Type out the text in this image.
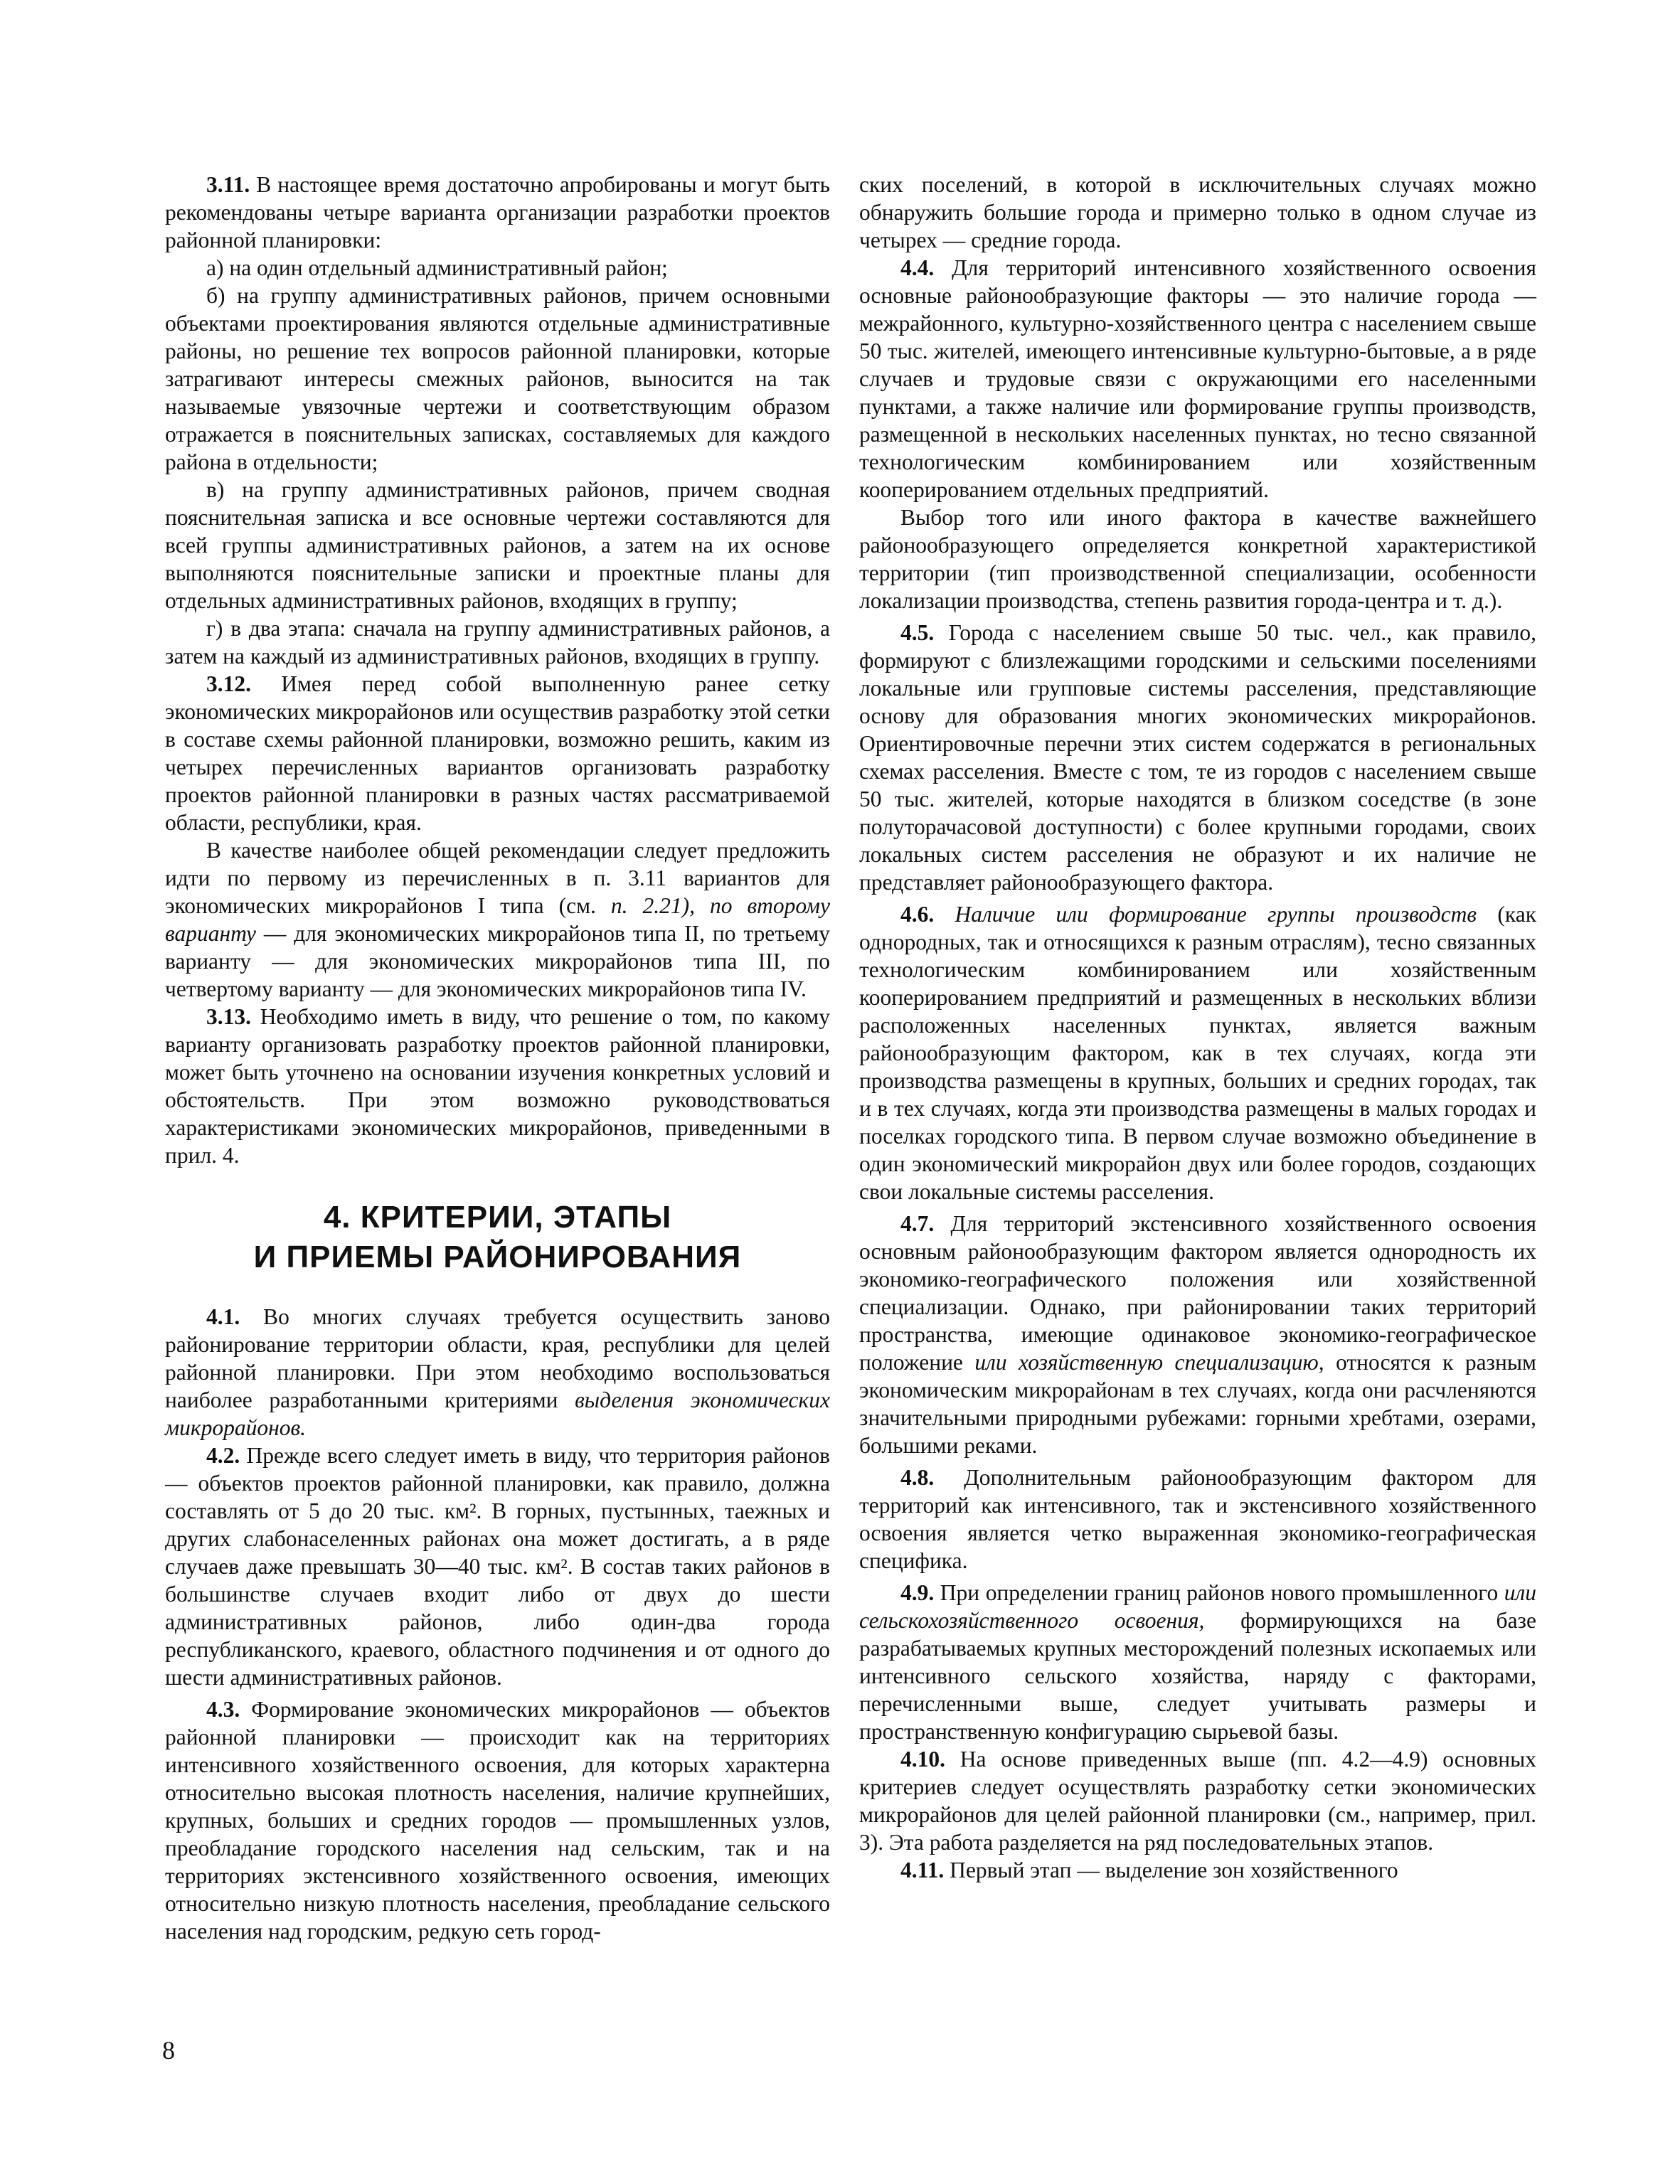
3.11. В настоящее время достаточно апробированы и могут быть рекомендованы четыре варианта организации разработки проектов районной планировки:

а) на один отдельный административный район;

б) на группу административных районов, причем основными объектами проектирования являются отдельные административные районы, но решение тех вопросов районной планировки, которые затрагивают интересы смежных районов, выносится на так называемые увязочные чертежи и соответствующим образом отражается в пояснительных записках, составляемых для каждого района в отдельности;

в) на группу административных районов, причем сводная пояснительная записка и все основные чертежи составляются для всей группы административных районов, а затем на их основе выполняются пояснительные записки и проектные планы для отдельных административных районов, входящих в группу;

г) в два этапа: сначала на группу административных районов, а затем на каждый из административных районов, входящих в группу.

3.12. Имея перед собой выполненную ранее сетку экономических микрорайонов или осуществив разработку этой сетки в составе схемы районной планировки, возможно решить, каким из четырех перечисленных вариантов организовать разработку проектов районной планировки в разных частях рассматриваемой области, республики, края.

В качестве наиболее общей рекомендации следует предложить идти по первому из перечисленных в п. 3.11 вариантов для экономических микрорайонов I типа (см. п. 2.21), по второму варианту — для экономических микрорайонов типа II, по третьему варианту — для экономических микрорайонов типа III, по четвертому варианту — для экономических микрорайонов типа IV.

3.13. Необходимо иметь в виду, что решение о том, по какому варианту организовать разработку проектов районной планировки, может быть уточнено на основании изучения конкретных условий и обстоятельств. При этом возможно руководствоваться характеристиками экономических микрорайонов, приведенными в прил. 4.

4. КРИТЕРИИ, ЭТАПЫ
И ПРИЕМЫ РАЙОНИРОВАНИЯ

4.1. Во многих случаях требуется осуществить заново районирование территории области, края, республики для целей районной планировки. При этом необходимо воспользоваться наиболее разработанными критериями выделения экономических микрорайонов.

4.2. Прежде всего следует иметь в виду, что территория районов — объектов проектов районной планировки, как правило, должна составлять от 5 до 20 тыс. км². В горных, пустынных, таежных и других слабонаселенных районах она может достигать, а в ряде случаев даже превышать 30—40 тыс. км². В состав таких районов в большинстве случаев входит либо от двух до шести административных районов, либо один-два города республиканского, краевого, областного подчинения и от одного до шести административных районов.

4.3. Формирование экономических микрорайонов — объектов районной планировки — происходит как на территориях интенсивного хозяйственного освоения, для которых характерна относительно высокая плотность населения, наличие крупнейших, крупных, больших и средних городов — промышленных узлов, преобладание городского населения над сельским, так и на территориях экстенсивного хозяйственного освоения, имеющих относительно низкую плотность населения, преобладание сельского населения над городским, редкую сеть город-

ских поселений, в которой в исключительных случаях можно обнаружить большие города и примерно только в одном случае из четырех — средние города.

4.4. Для территорий интенсивного хозяйственного освоения основные районообразующие факторы — это наличие города — межрайонного, культурно-хозяйственного центра с населением свыше 50 тыс. жителей, имеющего интенсивные культурно-бытовые, а в ряде случаев и трудовые связи с окружающими его населенными пунктами, а также наличие или формирование группы производств, размещенной в нескольких населенных пунктах, но тесно связанной технологическим комбинированием или хозяйственным кооперированием отдельных предприятий.

Выбор того или иного фактора в качестве важнейшего районообразующего определяется конкретной характеристикой территории (тип производственной специализации, особенности локализации производства, степень развития города-центра и т. д.).

4.5. Города с населением свыше 50 тыс. чел., как правило, формируют с близлежащими городскими и сельскими поселениями локальные или групповые системы расселения, представляющие основу для образования многих экономических микрорайонов. Ориентировочные перечни этих систем содержатся в региональных схемах расселения. Вместе с том, те из городов с населением свыше 50 тыс. жителей, которые находятся в близком соседстве (в зоне полуторачасовой доступности) с более крупными городами, своих локальных систем расселения не образуют и их наличие не представляет районообразующего фактора.

4.6. Наличие или формирование группы производств (как однородных, так и относящихся к разным отраслям), тесно связанных технологическим комбинированием или хозяйственным кооперированием предприятий и размещенных в нескольких вблизи расположенных населенных пунктах, является важным районообразующим фактором, как в тех случаях, когда эти производства размещены в крупных, больших и средних городах, так и в тех случаях, когда эти производства размещены в малых городах и поселках городского типа. В первом случае возможно объединение в один экономический микрорайон двух или более городов, создающих свои локальные системы расселения.

4.7. Для территорий экстенсивного хозяйственного освоения основным районообразующим фактором является однородность их экономико-географического положения или хозяйственной специализации. Однако, при районировании таких территорий пространства, имеющие одинаковое экономико-географическое положение или хозяйственную специализацию, относятся к разным экономическим микрорайонам в тех случаях, когда они расчленяются значительными природными рубежами: горными хребтами, озерами, большими реками.

4.8. Дополнительным районообразующим фактором для территорий как интенсивного, так и экстенсивного хозяйственного освоения является четко выраженная экономико-географическая специфика.

4.9. При определении границ районов нового промышленного или сельскохозяйственного освоения, формирующихся на базе разрабатываемых крупных месторождений полезных ископаемых или интенсивного сельского хозяйства, наряду с факторами, перечисленными выше, следует учитывать размеры и пространственную конфигурацию сырьевой базы.

4.10. На основе приведенных выше (пп. 4.2—4.9) основных критериев следует осуществлять разработку сетки экономических микрорайонов для целей районной планировки (см., например, прил. 3). Эта работа разделяется на ряд последовательных этапов.

4.11. Первый этап — выделение зон хозяйственного

8
